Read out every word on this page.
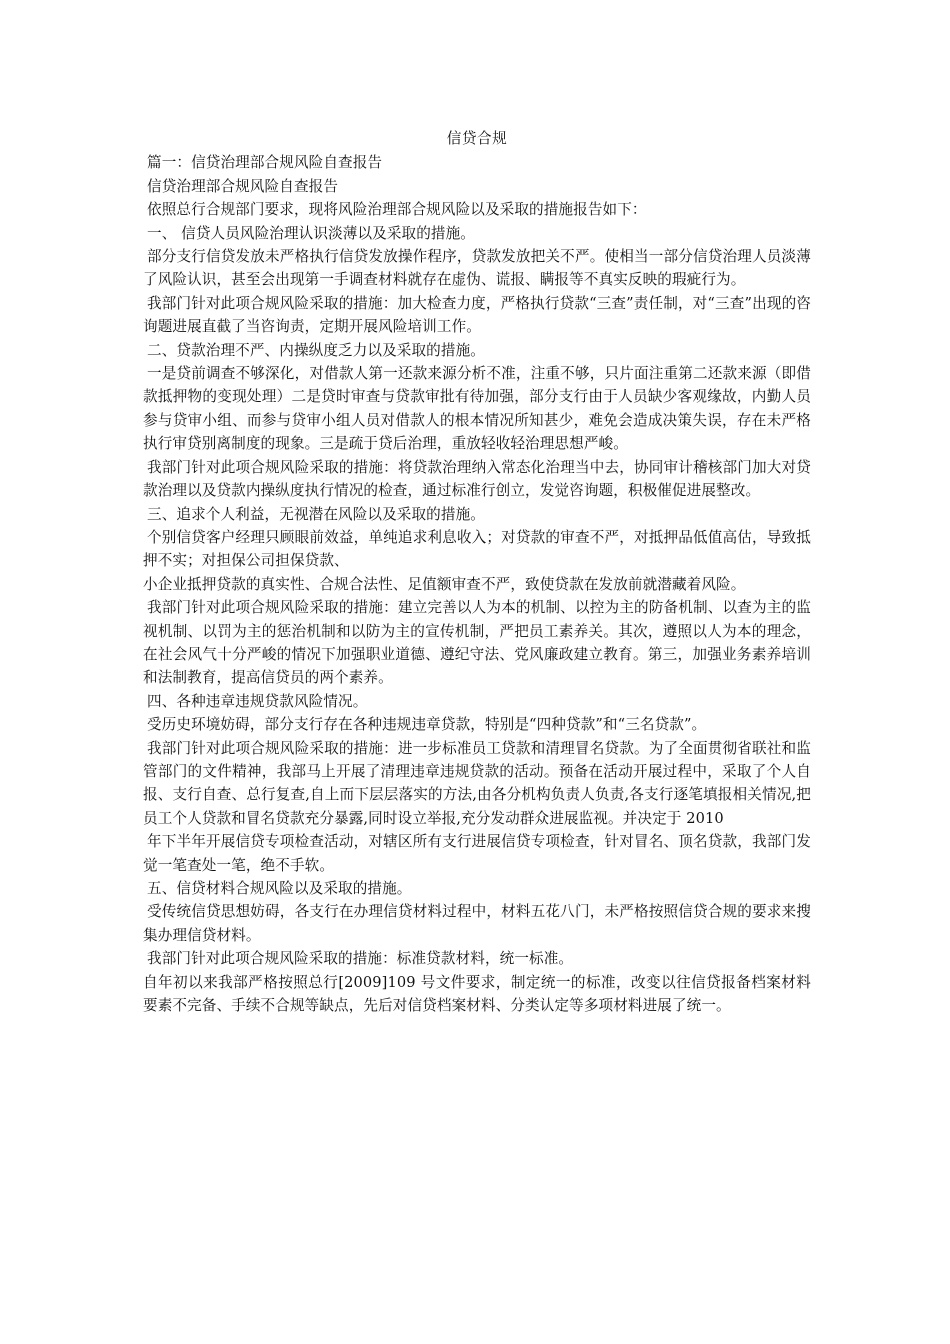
信贷合规

篇一：信贷治理部合规风险自查报告

信贷治理部合规风险自查报告

依照总行合规部门要求，现将风险治理部合规风险以及采取的措施报告如下：

一、 信贷人员风险治理认识淡薄以及采取的措施。

部分支行信贷发放未严格执行信贷发放操作程序，贷款发放把关不严。使相当一部分信贷治理人员淡薄了风险认识，甚至会出现第一手调查材料就存在虚伪、谎报、瞒报等不真实反映的瑕疵行为。

我部门针对此项合规风险采取的措施：加大检查力度，严格执行贷款“三查”责任制，对“三查”出现的咨询题进展直截了当咨询责，定期开展风险培训工作。

二、贷款治理不严、内操纵度乏力以及采取的措施。

一是贷前调查不够深化，对借款人第一还款来源分析不准，注重不够，只片面注重第二还款来源（即借款抵押物的变现处理）二是贷时审查与贷款审批有待加强，部分支行由于人员缺少客观缘故，内勤人员参与贷审小组、而参与贷审小组人员对借款人的根本情况所知甚少，难免会造成决策失误，存在未严格执行审贷别离制度的现象。三是疏于贷后治理，重放轻收轻治理思想严峻。

我部门针对此项合规风险采取的措施：将贷款治理纳入常态化治理当中去，协同审计稽核部门加大对贷款治理以及贷款内操纵度执行情况的检查，通过标准行创立，发觉咨询题，积极催促进展整改。

三、追求个人利益，无视潜在风险以及采取的措施。

个别信贷客户经理只顾眼前效益，单纯追求利息收入；对贷款的审查不严，对抵押品低值高估，导致抵押不实；对担保公司担保贷款、

小企业抵押贷款的真实性、合规合法性、足值额审查不严，致使贷款在发放前就潜藏着风险。

我部门针对此项合规风险采取的措施：建立完善以人为本的机制、以控为主的防备机制、以查为主的监视机制、以罚为主的惩治机制和以防为主的宣传机制，严把员工素养关。其次，遵照以人为本的理念，在社会风气十分严峻的情况下加强职业道德、遵纪守法、党风廉政建立教育。第三，加强业务素养培训和法制教育，提高信贷员的两个素养。

四、各种违章违规贷款风险情况。

受历史环境妨碍，部分支行存在各种违规违章贷款，特别是“四种贷款”和“三名贷款”。

我部门针对此项合规风险采取的措施：进一步标准员工贷款和清理冒名贷款。为了全面贯彻省联社和监管部门的文件精神，我部马上开展了清理违章违规贷款的活动。预备在活动开展过程中，采取了个人自报、支行自查、总行复查,自上而下层层落实的方法,由各分机构负责人负责,各支行逐笔填报相关情况,把员工个人贷款和冒名贷款充分暴露,同时设立举报,充分发动群众进展监视。并决定于 2010

年下半年开展信贷专项检查活动，对辖区所有支行进展信贷专项检查，针对冒名、顶名贷款，我部门发觉一笔查处一笔，绝不手软。

五、信贷材料合规风险以及采取的措施。

受传统信贷思想妨碍，各支行在办理信贷材料过程中，材料五花八门，未严格按照信贷合规的要求来搜集办理信贷材料。

我部门针对此项合规风险采取的措施：标准贷款材料，统一标准。

自年初以来我部严格按照总行[2009]109 号文件要求，制定统一的标准，改变以往信贷报备档案材料要素不完备、手续不合规等缺点，先后对信贷档案材料、分类认定等多项材料进展了统一。
